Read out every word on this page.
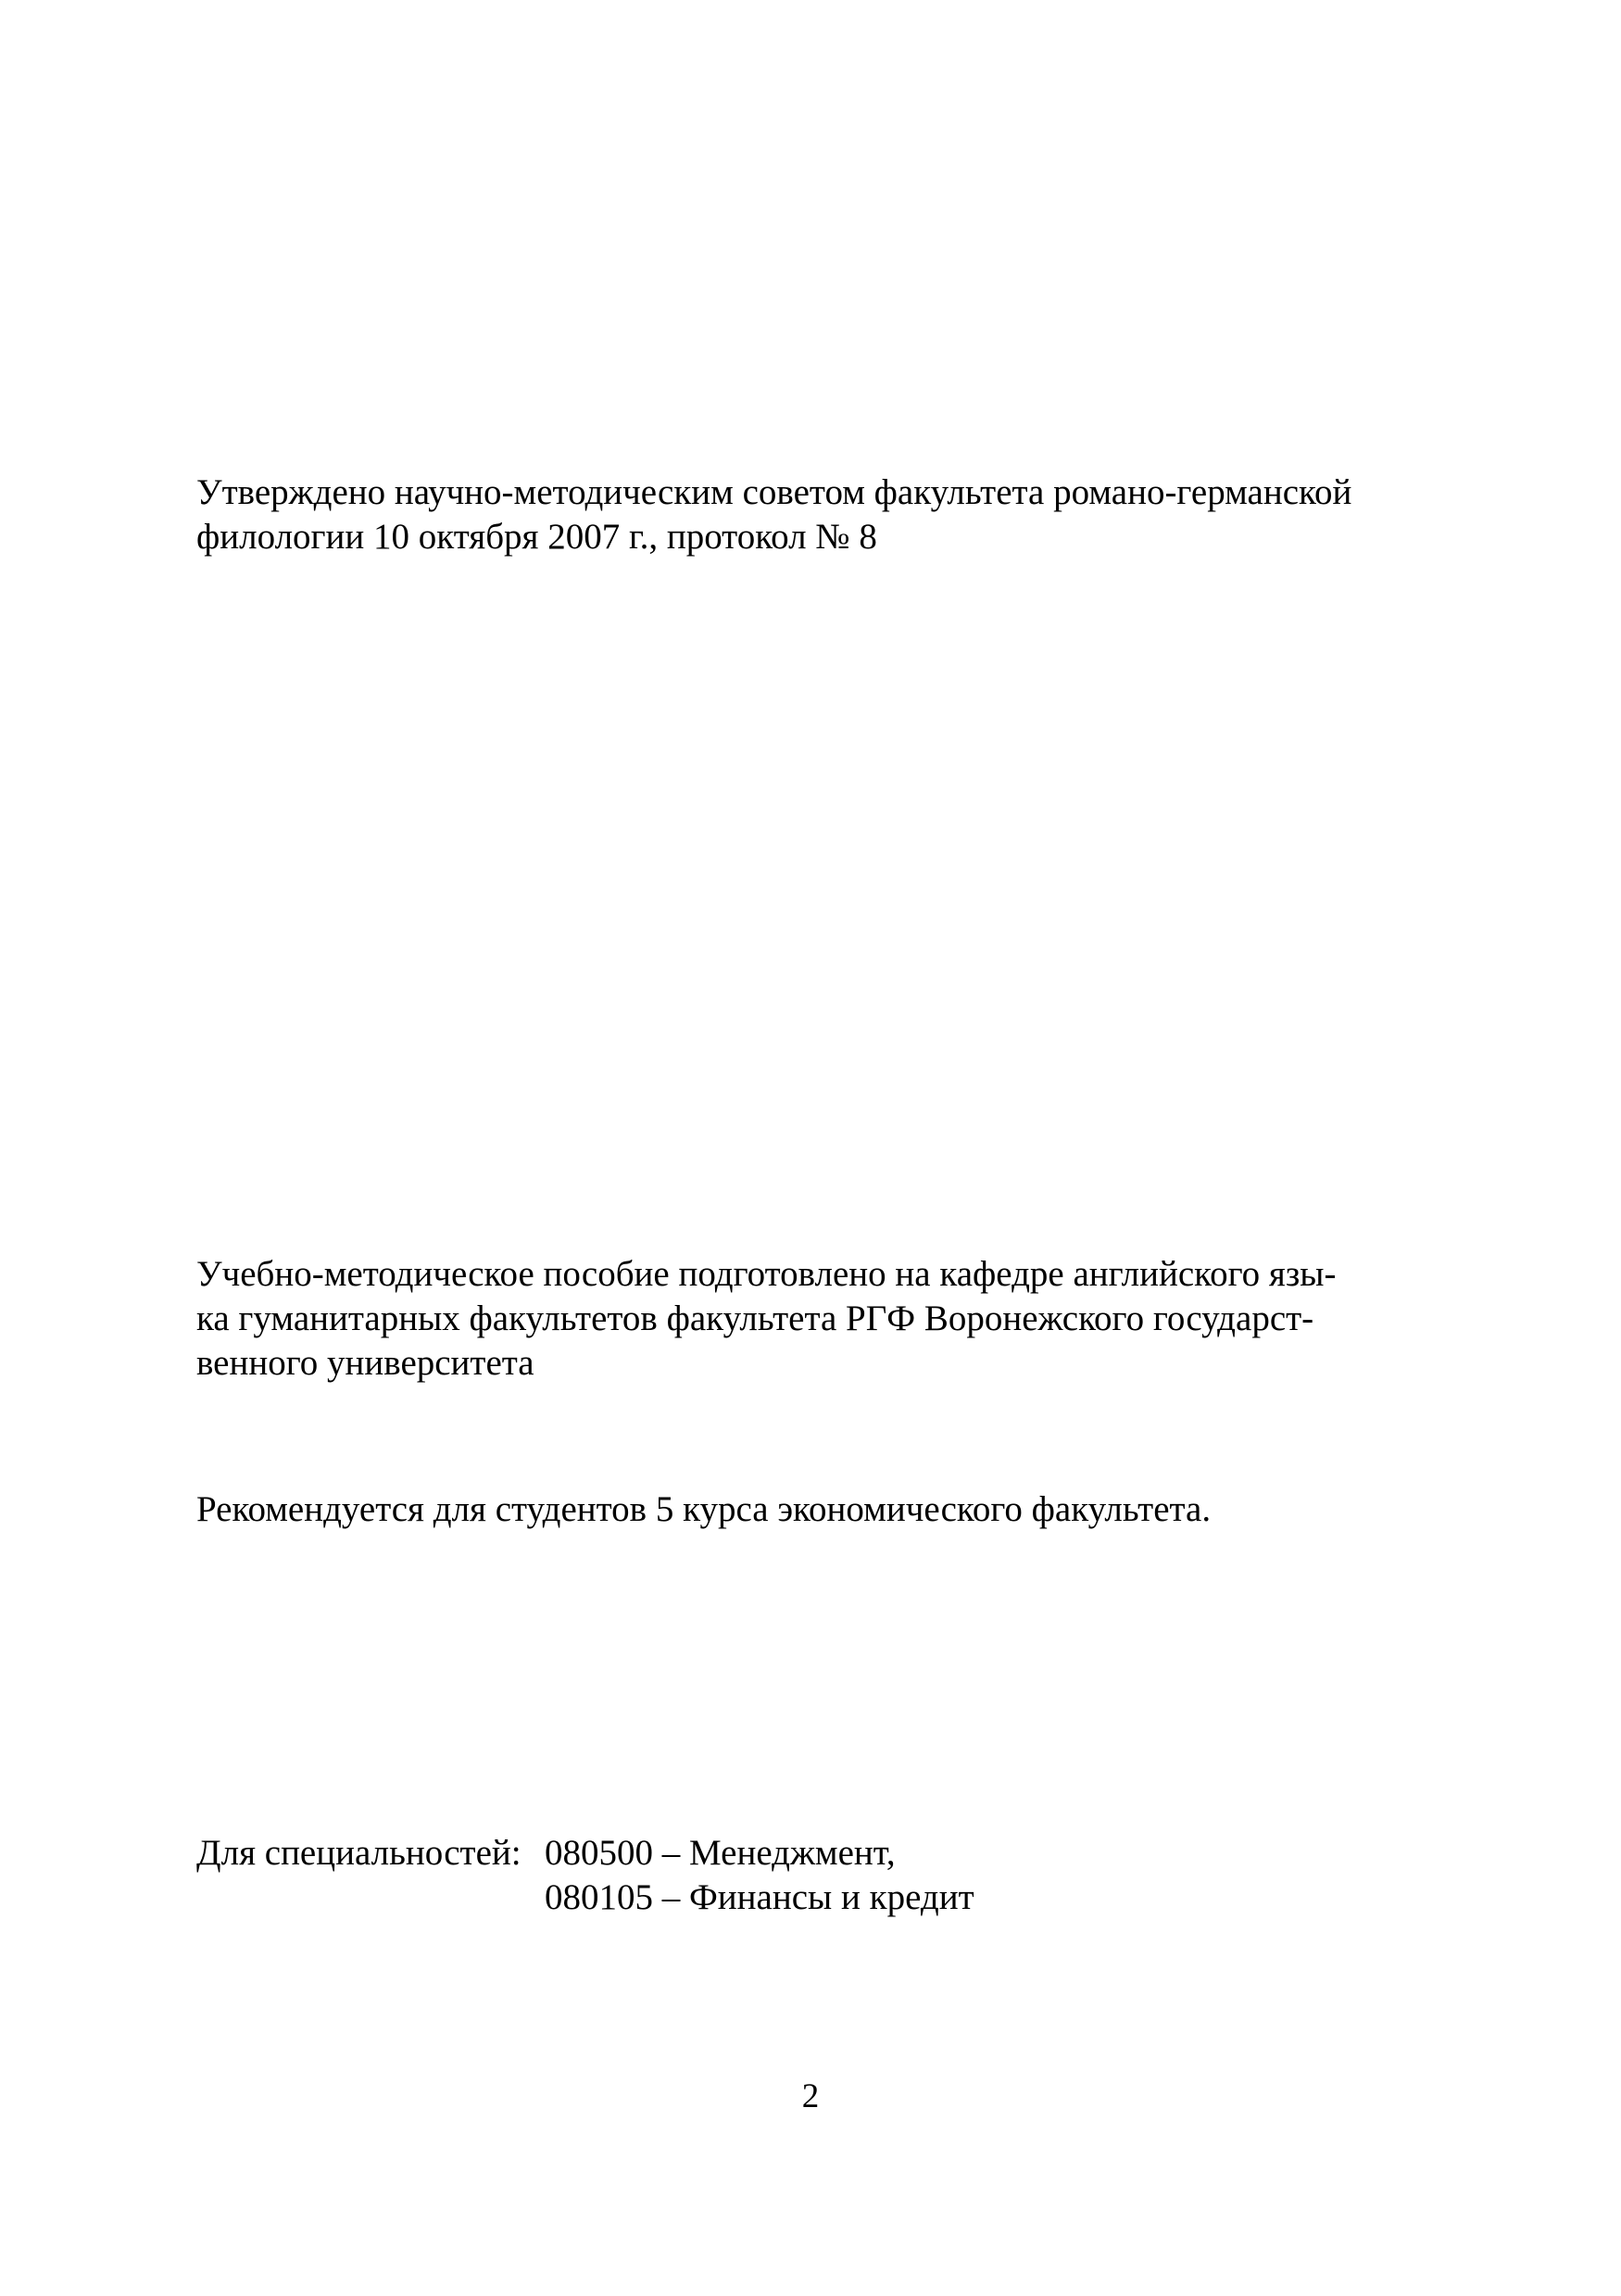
Утверждено научно-методическим советом факультета романо-германской
филологии 10 октября 2007 г., протокол № 8
Учебно-методическое пособие подготовлено на кафедре английского язы-
ка гуманитарных факультетов факультета РГФ Воронежского государст-
венного университета
Рекомендуется для студентов 5 курса экономического факультета.
Для специальностей: 080500 – Менеджмент,
080105 – Финансы и кредит
2
